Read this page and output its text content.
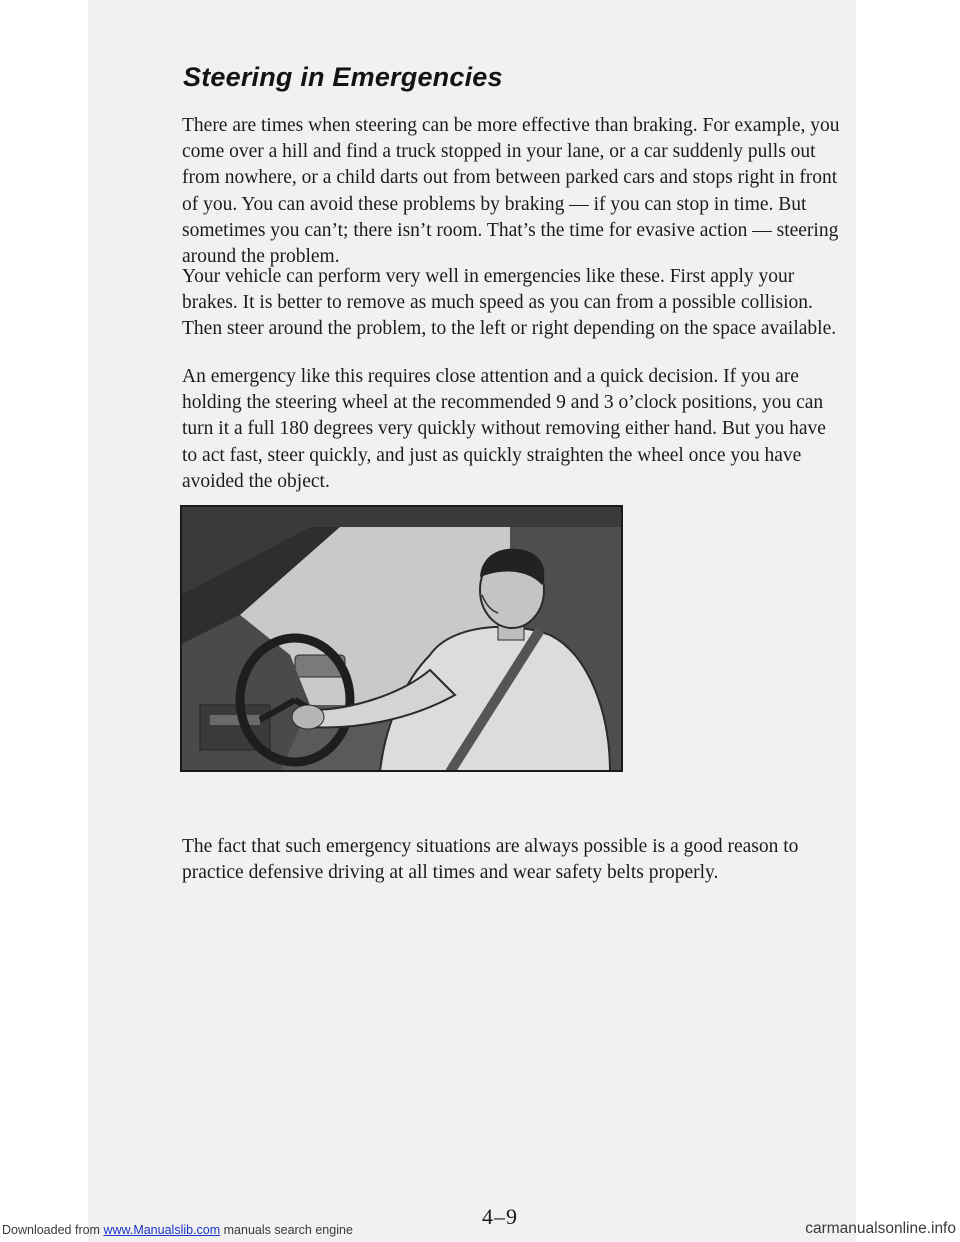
Steering in Emergencies

There are times when steering can be more effective than braking. For example, you come over a hill and find a truck stopped in your lane, or a car suddenly pulls out from nowhere, or a child darts out from between parked cars and stops right in front of you. You can avoid these problems by braking — if you can stop in time. But sometimes you can’t; there isn’t room. That’s the time for evasive action — steering around the problem.

Your vehicle can perform very well in emergencies like these. First apply your brakes. It is better to remove as much speed as you can from a possible collision. Then steer around the problem, to the left or right depending on the space available.

An emergency like this requires close attention and a quick decision. If you are holding the steering wheel at the recommended 9 and 3 o’clock positions, you can turn it a full 180 degrees very quickly without removing either hand. But you have to act fast, steer quickly, and just as quickly straighten the wheel once you have avoided the object.

The fact that such emergency situations are always possible is a good reason to practice defensive driving at all times and wear safety belts properly.

4–9
Downloaded from www.Manualslib.com manuals search engine	carmanualsonline.info
